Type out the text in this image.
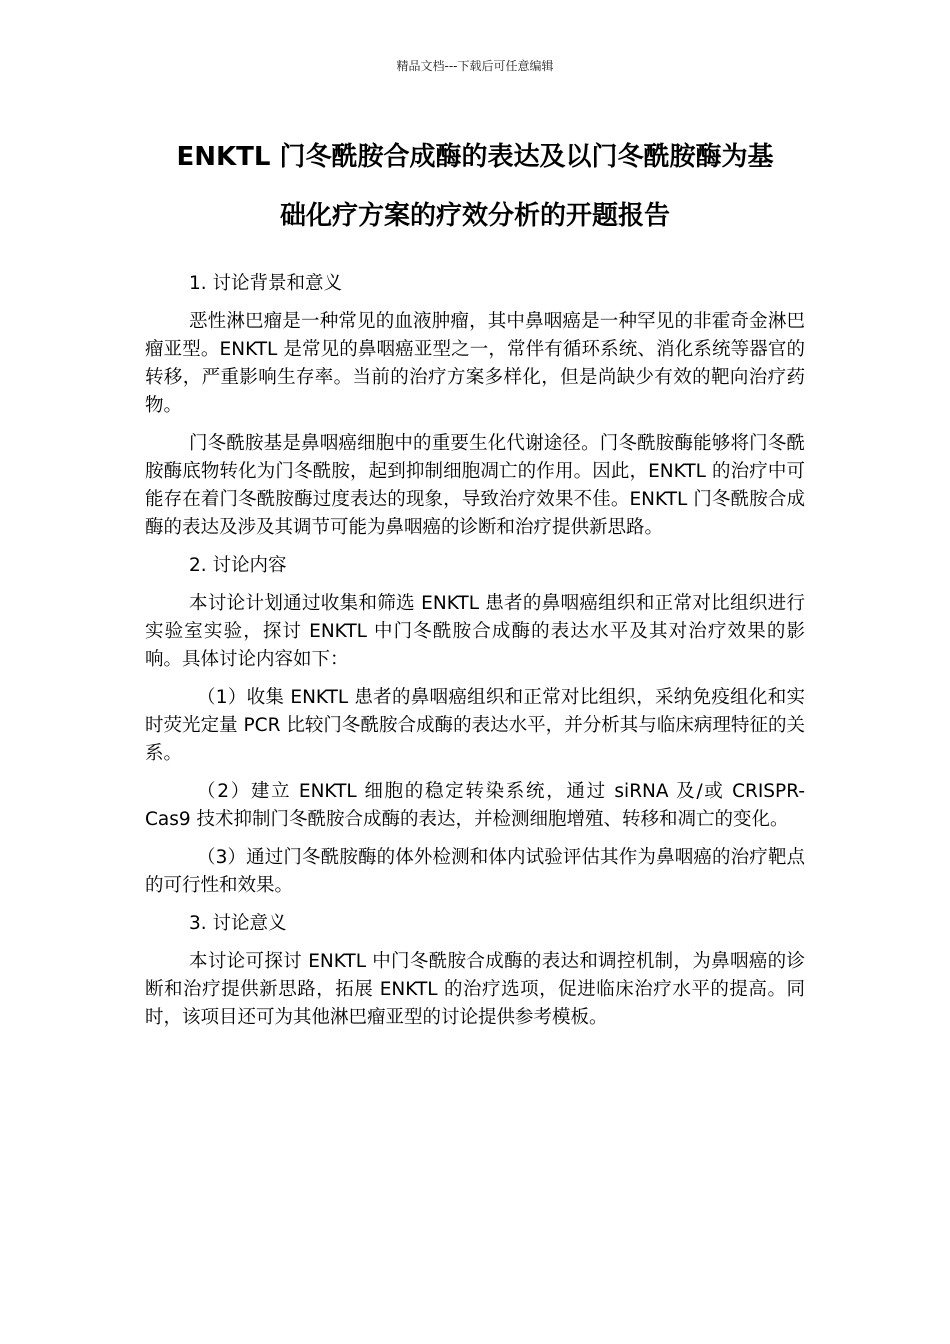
精品文档---下载后可任意编辑
ENKTL 门冬酰胺合成酶的表达及以门冬酰胺酶为基
础化疗方案的疗效分析的开题报告
1. 讨论背景和意义

恶性淋巴瘤是一种常见的血液肿瘤，其中鼻咽癌是一种罕见的非霍奇金淋巴瘤亚型。ENKTL 是常见的鼻咽癌亚型之一，常伴有循环系统、消化系统等器官的转移，严重影响生存率。当前的治疗方案多样化，但是尚缺少有效的靶向治疗药物。

门冬酰胺基是鼻咽癌细胞中的重要生化代谢途径。门冬酰胺酶能够将门冬酰胺酶底物转化为门冬酰胺，起到抑制细胞凋亡的作用。因此，ENKTL 的治疗中可能存在着门冬酰胺酶过度表达的现象，导致治疗效果不佳。ENKTL 门冬酰胺合成酶的表达及涉及其调节可能为鼻咽癌的诊断和治疗提供新思路。

2. 讨论内容

本讨论计划通过收集和筛选 ENKTL 患者的鼻咽癌组织和正常对比组织进行实验室实验，探讨 ENKTL 中门冬酰胺合成酶的表达水平及其对治疗效果的影响。具体讨论内容如下：

（1）收集 ENKTL 患者的鼻咽癌组织和正常对比组织，采纳免疫组化和实时荧光定量 PCR 比较门冬酰胺合成酶的表达水平，并分析其与临床病理特征的关系。

（2）建立 ENKTL 细胞的稳定转染系统，通过 siRNA 及/或 CRISPR-Cas9 技术抑制门冬酰胺合成酶的表达，并检测细胞增殖、转移和凋亡的变化。

（3）通过门冬酰胺酶的体外检测和体内试验评估其作为鼻咽癌的治疗靶点的可行性和效果。

3. 讨论意义

本讨论可探讨 ENKTL 中门冬酰胺合成酶的表达和调控机制，为鼻咽癌的诊断和治疗提供新思路，拓展 ENKTL 的治疗选项，促进临床治疗水平的提高。同时，该项目还可为其他淋巴瘤亚型的讨论提供参考模板。
